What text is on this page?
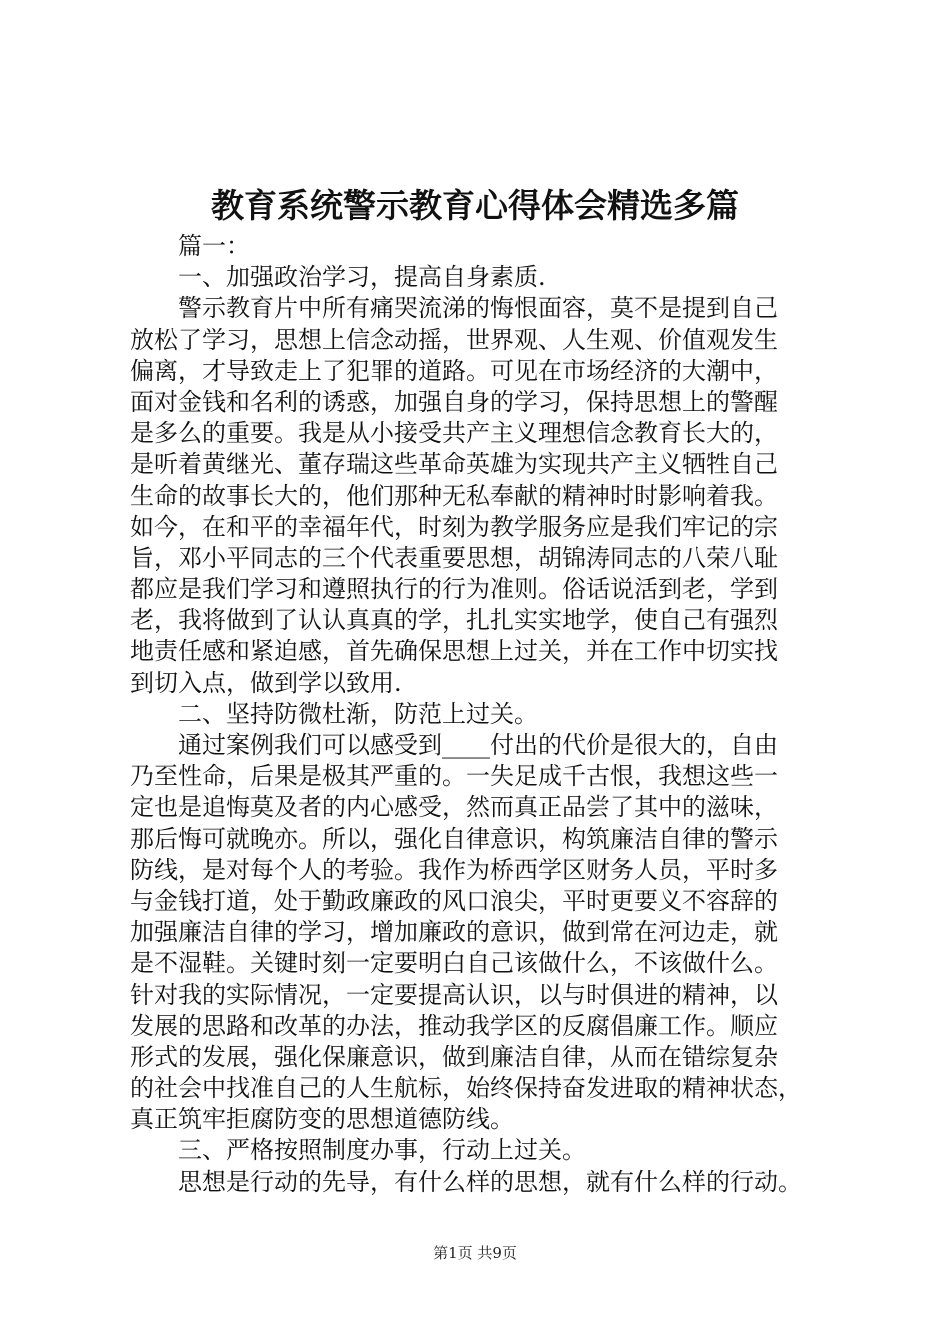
教育系统警示教育心得体会精选多篇
篇一：
一、加强政治学习，提高自身素质.
警示教育片中所有痛哭流涕的悔恨面容，莫不是提到自己
放松了学习，思想上信念动摇，世界观、人生观、价值观发生
偏离，才导致走上了犯罪的道路。可见在市场经济的大潮中，
面对金钱和名利的诱惑，加强自身的学习，保持思想上的警醒
是多么的重要。我是从小接受共产主义理想信念教育长大的，
是听着黄继光、董存瑞这些革命英雄为实现共产主义牺牲自己
生命的故事长大的，他们那种无私奉献的精神时时影响着我。
如今，在和平的幸福年代，时刻为教学服务应是我们牢记的宗
旨，邓小平同志的三个代表重要思想，胡锦涛同志的八荣八耻
都应是我们学习和遵照执行的行为准则。俗话说活到老，学到
老，我将做到了认认真真的学，扎扎实实地学，使自己有强烈
地责任感和紧迫感，首先确保思想上过关，并在工作中切实找
到切入点，做到学以致用.
二、坚持防微杜渐，防范上过关。
通过案例我们可以感受到____付出的代价是很大的，自由
乃至性命，后果是极其严重的。一失足成千古恨，我想这些一
定也是追悔莫及者的内心感受，然而真正品尝了其中的滋味，
那后悔可就晚亦。所以，强化自律意识，构筑廉洁自律的警示
防线，是对每个人的考验。我作为桥西学区财务人员，平时多
与金钱打道，处于勤政廉政的风口浪尖，平时更要义不容辞的
加强廉洁自律的学习，增加廉政的意识，做到常在河边走，就
是不湿鞋。关键时刻一定要明白自己该做什么，不该做什么。
针对我的实际情况，一定要提高认识，以与时俱进的精神，以
发展的思路和改革的办法，推动我学区的反腐倡廉工作。顺应
形式的发展，强化保廉意识，做到廉洁自律，从而在错综复杂
的社会中找准自己的人生航标，始终保持奋发进取的精神状态，
真正筑牢拒腐防变的思想道德防线。
三、严格按照制度办事，行动上过关。
思想是行动的先导，有什么样的思想，就有什么样的行动。
第1页 共9页
